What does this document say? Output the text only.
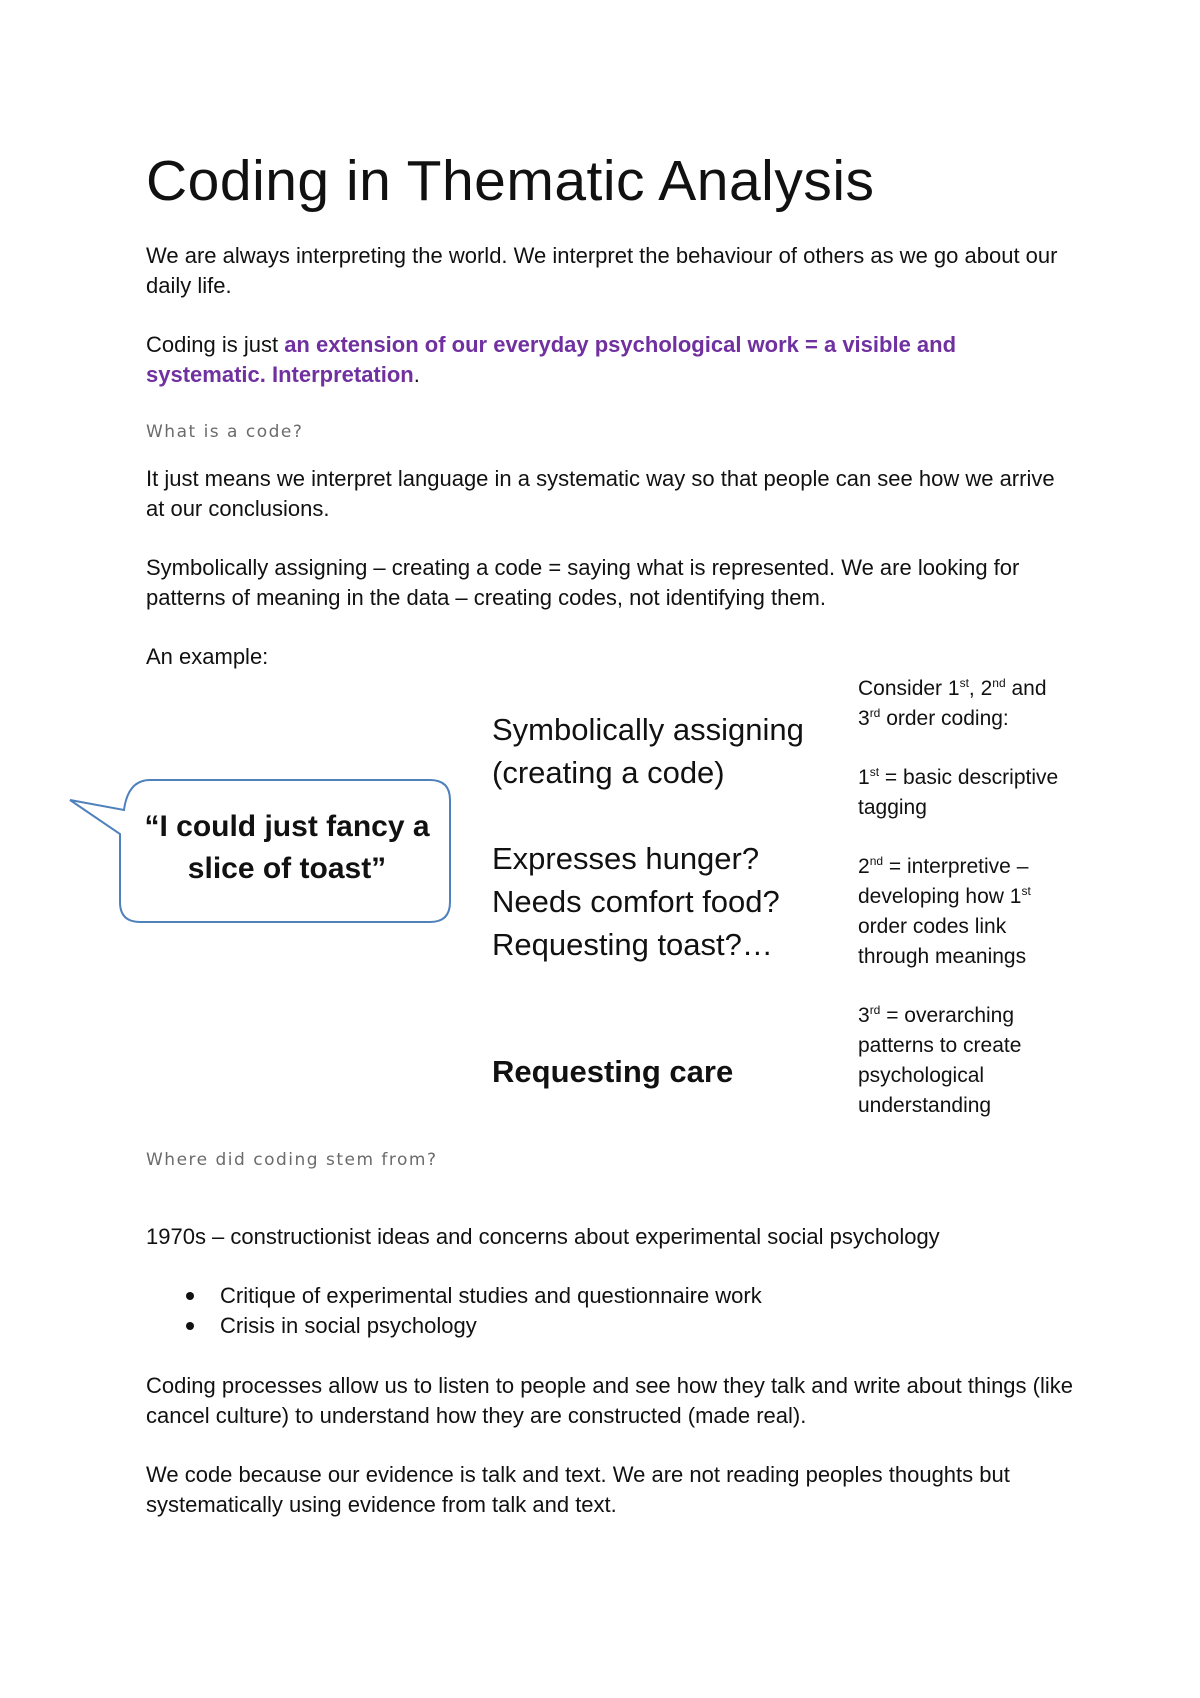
Coding in Thematic Analysis

We are always interpreting the world. We interpret the behaviour of others as we go about our daily life.

Coding is just an extension of our everyday psychological work = a visible and systematic. Interpretation.

What is a code?

It just means we interpret language in a systematic way so that people can see how we arrive at our conclusions.

Symbolically assigning – creating a code = saying what is represented. We are looking for patterns of meaning in the data – creating codes, not identifying them.

An example:

“I could just fancy a slice of toast”
Symbolically assigning
(creating a code)
Expresses hunger?
Needs comfort food?
Requesting toast?…
Requesting care

Consider 1st, 2nd and
3rd order coding:

1st = basic descriptive tagging

2nd = interpretive – developing how 1st order codes link through meanings

3rd = overarching patterns to create psychological understanding

Where did coding stem from?

1970s – constructionist ideas and concerns about experimental social psychology

Critique of experimental studies and questionnaire work
Crisis in social psychology

Coding processes allow us to listen to people and see how they talk and write about things (like cancel culture) to understand how they are constructed (made real).

We code because our evidence is talk and text. We are not reading peoples thoughts but systematically using evidence from talk and text.
